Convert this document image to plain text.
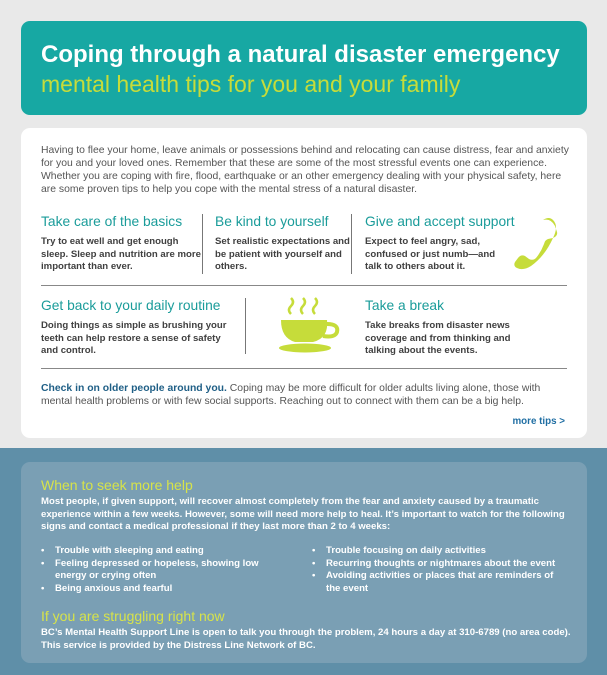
Coping through a natural disaster emergency
mental health tips for you and your family
Having to flee your home, leave animals or possessions behind and relocating can cause distress, fear and anxiety for you and your loved ones. Remember that these are some of the most stressful events one can experience. Whether you are coping with fire, flood, earthquake or an other emergency dealing with your physical safety, here are some proven tips to help you cope with the mental stress of a natural disaster.
Take care of the basics
Try to eat well and get enough sleep. Sleep and nutrition are more important than ever.
Be kind to yourself
Set realistic expectations and be patient with yourself and others.
Give and accept support
Expect to feel angry, sad, confused or just numb—and talk to others about it.
Get back to your daily routine
Doing things as simple as brushing your teeth can help restore a sense of safety and control.
Take a break
Take breaks from disaster news coverage and from thinking and talking about the events.
Check in on older people around you. Coping may be more difficult for older adults living alone, those with mental health problems or with few social supports. Reaching out to connect with them can be a big help.
more tips >
When to seek more help
Most people, if given support, will recover almost completely from the fear and anxiety caused by a traumatic experience within a few weeks. However, some will need more help to heal. It’s important to watch for the following signs and contact a medical professional if they last more than 2 to 4 weeks:
• Trouble with sleeping and eating
• Feeling depressed or hopeless, showing low energy or crying often
• Being anxious and fearful
• Trouble focusing on daily activities
• Recurring thoughts or nightmares about the event
• Avoiding activities or places that are reminders of the event
If you are struggling right now
BC’s Mental Health Support Line is open to talk you through the problem, 24 hours a day at 310-6789 (no area code). This service is provided by the Distress Line Network of BC.
